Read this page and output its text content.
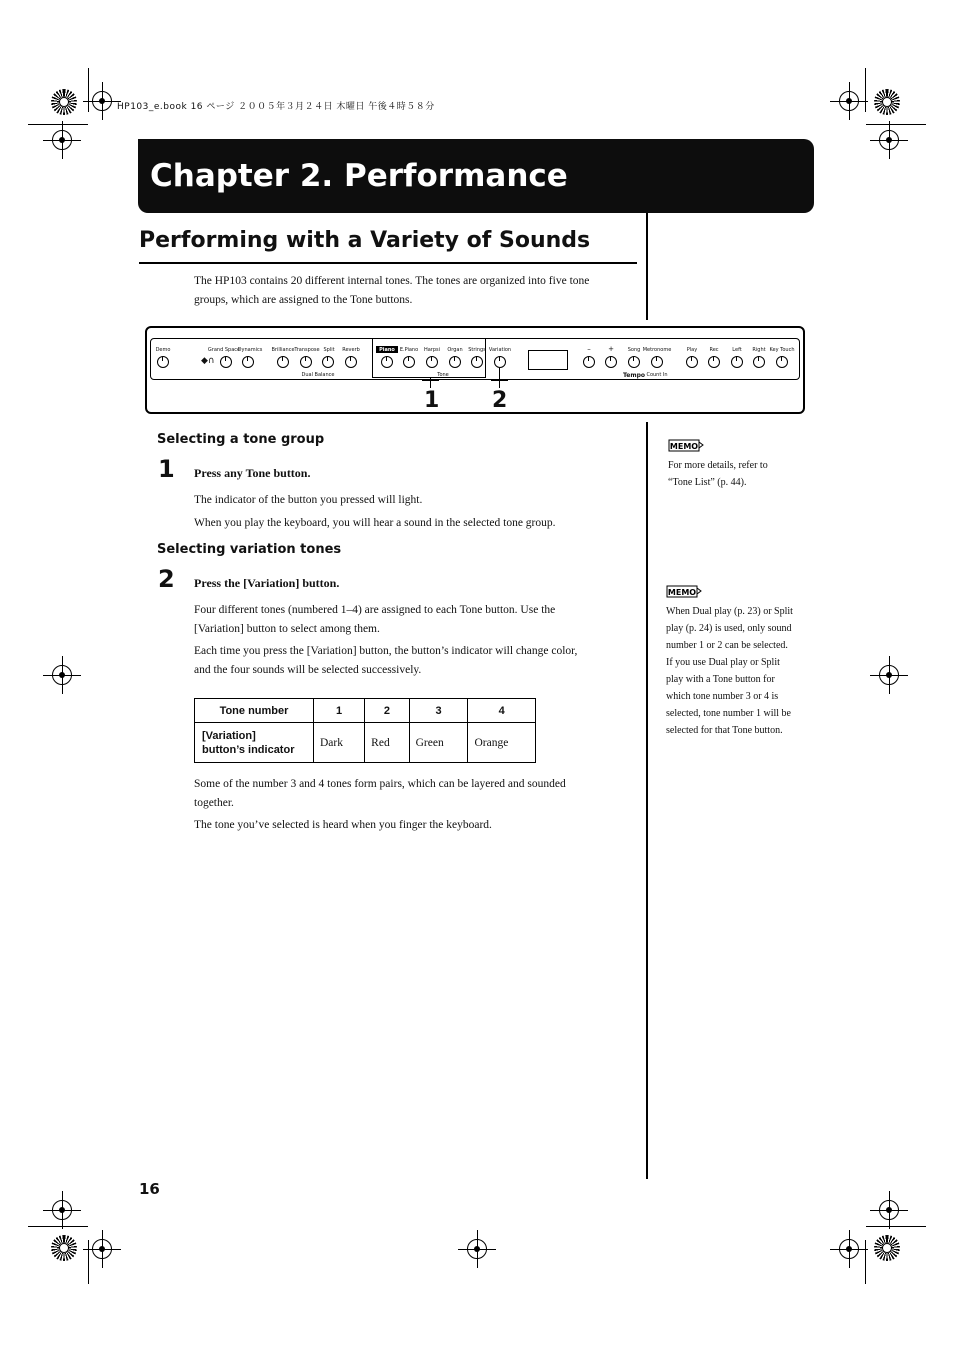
HP103_e.book 16 ページ ２００５年３月２４日 木曜日 午後４時５８分
Chapter 2. Performance
Performing with a Variety of Sounds
The HP103 contains 20 different internal tones. The tones are organized into five tone
groups, which are assigned to the Tone buttons.
Demo
◆∩
Grand Space
Dynamics Brilliance Transpose Split Reverb
Dual Balance
Piano E.Piano Harpsi Organ Strings
Tone
Variation	– +	Song Metronome
Tempo Count In
Play Rec	Left Right Key Touch
1 2
Selecting a tone group
1 Press any Tone button.
The indicator of the button you pressed will light.
When you play the keyboard, you will hear a sound in the selected tone group.
Selecting variation tones
2 Press the [Variation] button.
Four different tones (numbered 1–4) are assigned to each Tone button. Use the
[Variation] button to select among them.
Each time you press the [Variation] button, the button’s indicator will change color,
and the four sounds will be selected successively.
Tone number	1	2	3	4

[Variation]
button’s indicator	Dark	Red	Green	Orange
Some of the number 3 and 4 tones form pairs, which can be layered and sounded
together.
The tone you’ve selected is heard when you finger the keyboard.
MEMO
For more details, refer to
“Tone List” (p. 44).
MEMO
When Dual play (p. 23) or Split
play (p. 24) is used, only sound
number 1 or 2 can be selected.
If you use Dual play or Split
play with a Tone button for
which tone number 3 or 4 is
selected, tone number 1 will be
selected for that Tone button.
16
